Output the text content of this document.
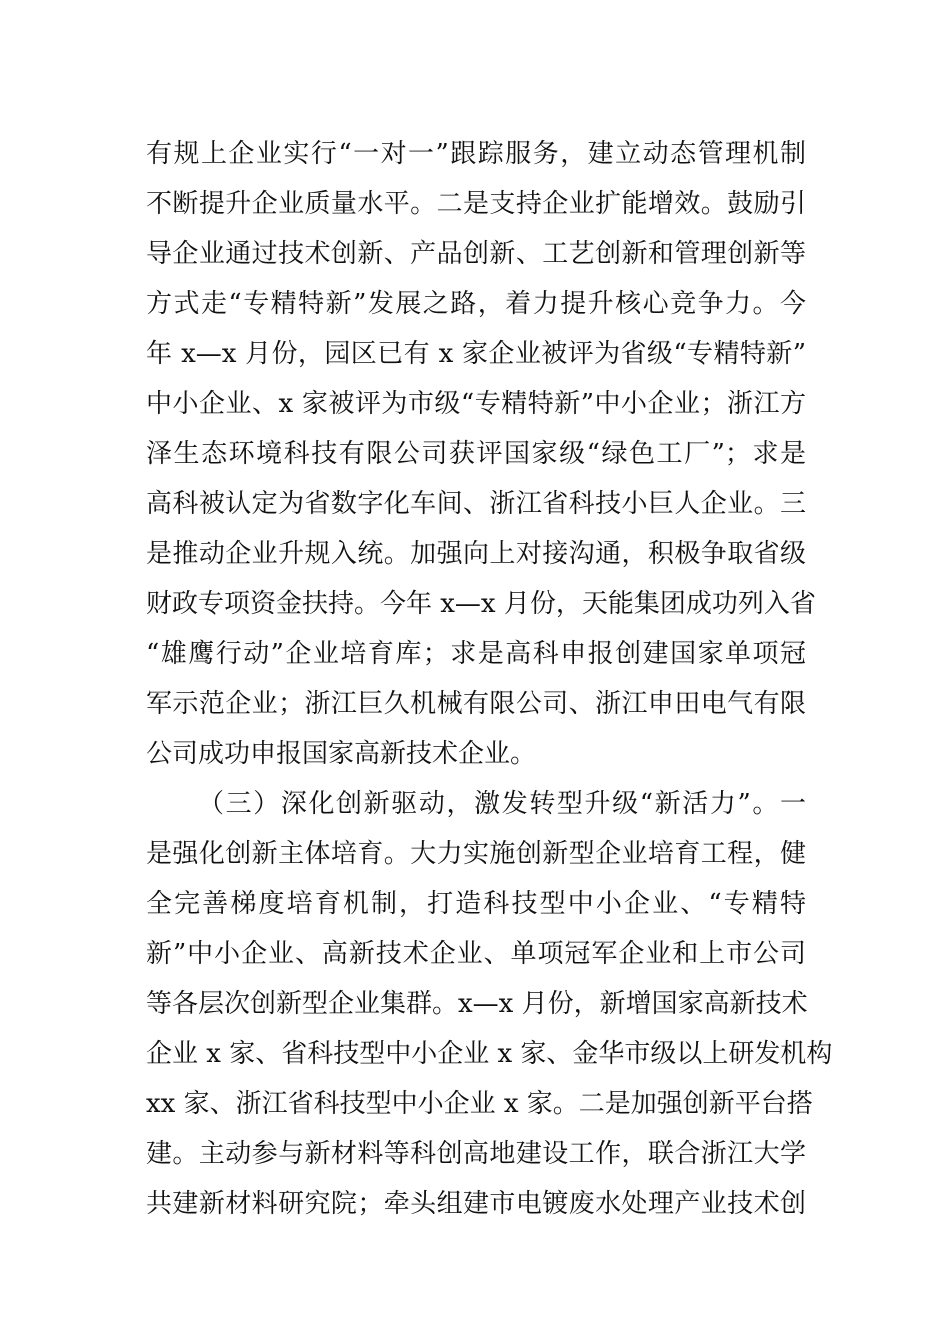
有规上企业实行“一对一”跟踪服务，建立动态管理机制
不断提升企业质量水平。二是支持企业扩能增效。鼓励引
导企业通过技术创新、产品创新、工艺创新和管理创新等
方式走“专精特新”发展之路，着力提升核心竞争力。今
年 x—x 月份，园区已有 x 家企业被评为省级“专精特新”
中小企业、x 家被评为市级“专精特新”中小企业；浙江方
泽生态环境科技有限公司获评国家级“绿色工厂”；求是
高科被认定为省数字化车间、浙江省科技小巨人企业。三
是推动企业升规入统。加强向上对接沟通，积极争取省级
财政专项资金扶持。今年 x—x 月份，天能集团成功列入省
“雄鹰行动”企业培育库；求是高科申报创建国家单项冠
军示范企业；浙江巨久机械有限公司、浙江申田电气有限
公司成功申报国家高新技术企业。
（三）深化创新驱动，激发转型升级“新活力”。一
是强化创新主体培育。大力实施创新型企业培育工程，健
全完善梯度培育机制，打造科技型中小企业、“专精特
新”中小企业、高新技术企业、单项冠军企业和上市公司
等各层次创新型企业集群。x—x 月份，新增国家高新技术
企业 x 家、省科技型中小企业 x 家、金华市级以上研发机构
xx 家、浙江省科技型中小企业 x 家。二是加强创新平台搭
建。主动参与新材料等科创高地建设工作，联合浙江大学
共建新材料研究院；牵头组建市电镀废水处理产业技术创
